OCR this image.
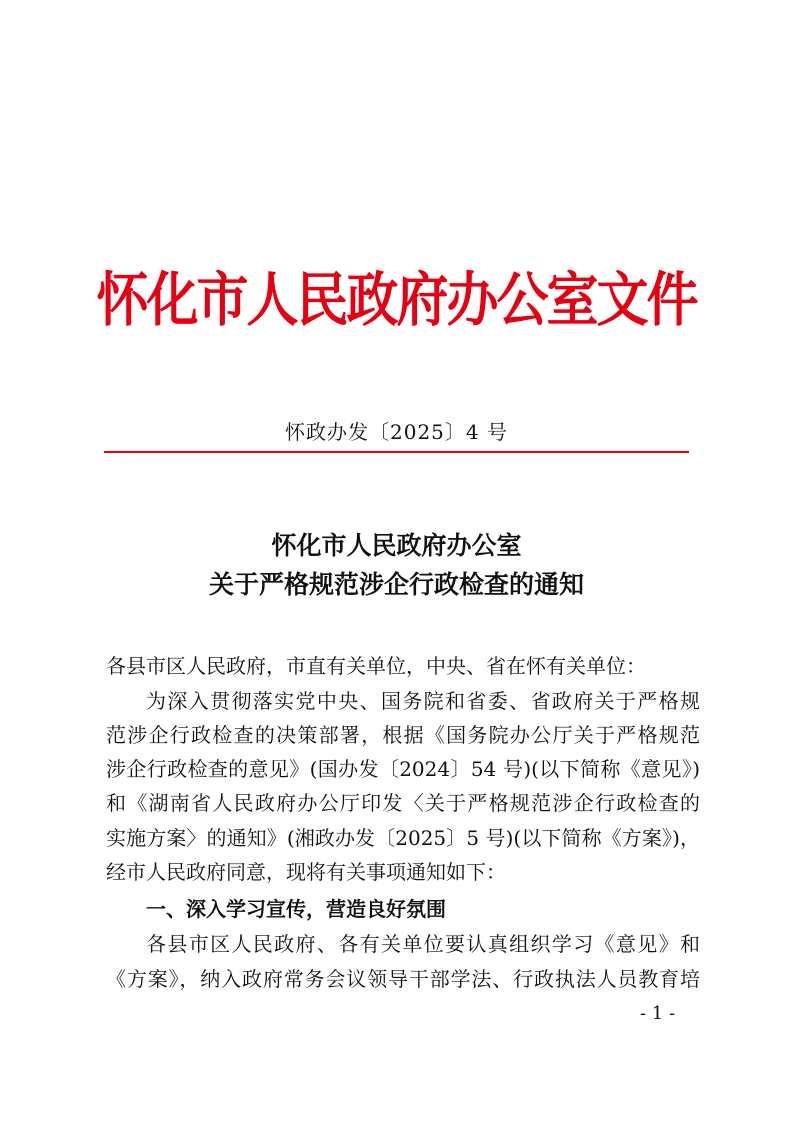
怀化市人民政府办公室文件
怀政办发〔2025〕4 号
怀化市人民政府办公室
关于严格规范涉企行政检查的通知
各县市区人民政府，市直有关单位，中央、省在怀有关单位：
为深入贯彻落实党中央、国务院和省委、省政府关于严格规
范涉企行政检查的决策部署，根据《国务院办公厅关于严格规范
涉企行政检查的意见》(国办发〔2024〕54 号)(以下简称《意见》)
和《湖南省人民政府办公厅印发〈关于严格规范涉企行政检查的
实施方案〉的通知》(湘政办发〔2025〕5 号)(以下简称《方案》)，
经市人民政府同意，现将有关事项通知如下：
一、深入学习宣传，营造良好氛围
各县市区人民政府、各有关单位要认真组织学习《意见》和
《方案》，纳入政府常务会议领导干部学法、行政执法人员教育培
- 1 -
